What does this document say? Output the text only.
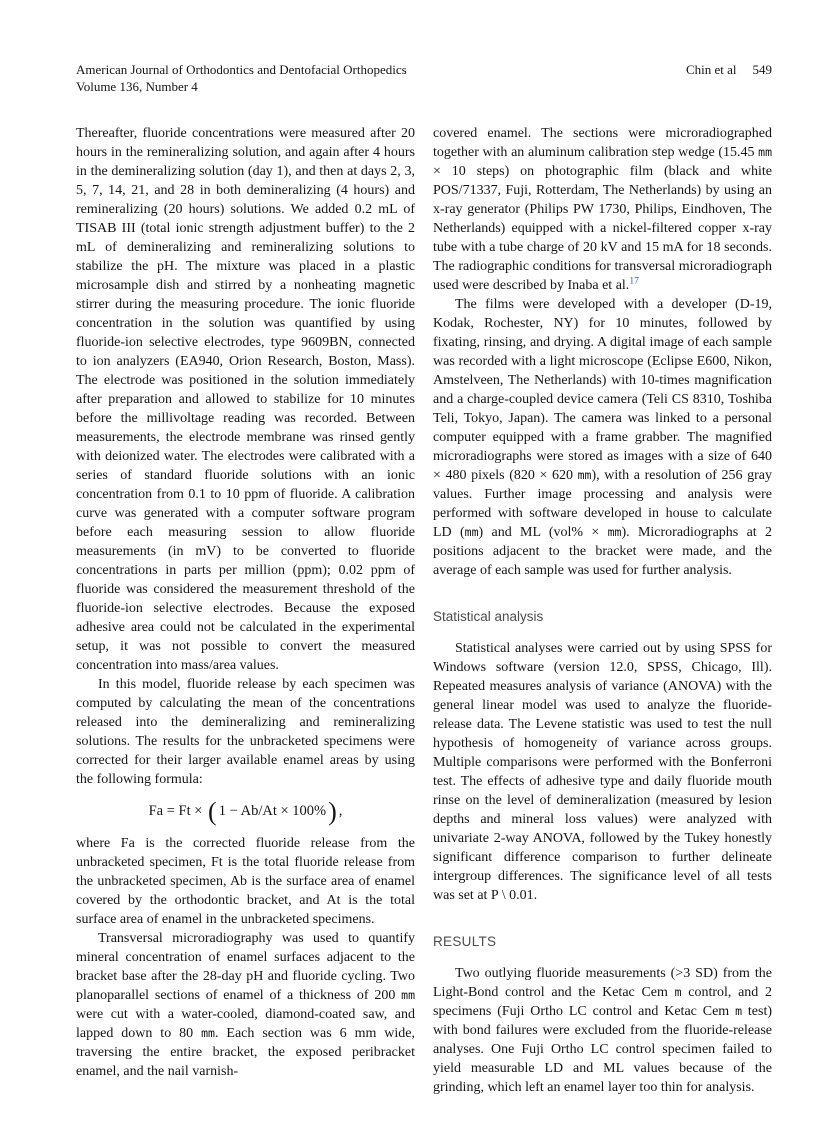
American Journal of Orthodontics and Dentofacial Orthopedics
Volume 136, Number 4
Chin et al 549

Thereafter, fluoride concentrations were measured after 20 hours in the remineralizing solution, and again after 4 hours in the demineralizing solution (day 1), and then at days 2, 3, 5, 7, 14, 21, and 28 in both demineralizing (4 hours) and remineralizing (20 hours) solutions. We added 0.2 mL of TISAB III (total ionic strength adjustment buffer) to the 2 mL of demineralizing and remineralizing solutions to stabilize the pH. The mixture was placed in a plastic microsample dish and stirred by a nonheating magnetic stirrer during the measuring procedure. The ionic fluoride concentration in the solution was quantified by using fluoride-ion selective electrodes, type 9609BN, connected to ion analyzers (EA940, Orion Research, Boston, Mass). The electrode was positioned in the solution immediately after preparation and allowed to stabilize for 10 minutes before the millivoltage reading was recorded. Between measurements, the electrode membrane was rinsed gently with deionized water. The electrodes were calibrated with a series of standard fluoride solutions with an ionic concentration from 0.1 to 10 ppm of fluoride. A calibration curve was generated with a computer software program before each measuring session to allow fluoride measurements (in mV) to be converted to fluoride concentrations in parts per million (ppm); 0.02 ppm of fluoride was considered the measurement threshold of the fluoride-ion selective electrodes. Because the exposed adhesive area could not be calculated in the experimental setup, it was not possible to convert the measured concentration into mass/area values.

In this model, fluoride release by each specimen was computed by calculating the mean of the concentrations released into the demineralizing and remineralizing solutions. The results for the unbracketed specimens were corrected for their larger available enamel areas by using the following formula:

Fa = Ft × ( 1 − Ab/At × 100%) ,

where Fa is the corrected fluoride release from the unbracketed specimen, Ft is the total fluoride release from the unbracketed specimen, Ab is the surface area of enamel covered by the orthodontic bracket, and At is the total surface area of enamel in the unbracketed specimens.

Transversal microradiography was used to quantify mineral concentration of enamel surfaces adjacent to the bracket base after the 28-day pH and fluoride cycling. Two planoparallel sections of enamel of a thickness of 200 mm were cut with a water-cooled, diamond-coated saw, and lapped down to 80 mm. Each section was 6 mm wide, traversing the entire bracket, the exposed peribracket enamel, and the nail varnish-

covered enamel. The sections were microradiographed together with an aluminum calibration step wedge (15.45 mm × 10 steps) on photographic film (black and white POS/71337, Fuji, Rotterdam, The Netherlands) by using an x-ray generator (Philips PW 1730, Philips, Eindhoven, The Netherlands) equipped with a nickel-filtered copper x-ray tube with a tube charge of 20 kV and 15 mA for 18 seconds. The radiographic conditions for transversal microradiograph used were described by Inaba et al.$^{17}$

The films were developed with a developer (D-19, Kodak, Rochester, NY) for 10 minutes, followed by fixating, rinsing, and drying. A digital image of each sample was recorded with a light microscope (Eclipse E600, Nikon, Amstelveen, The Netherlands) with 10-times magnification and a charge-coupled device camera (Teli CS 8310, Toshiba Teli, Tokyo, Japan). The camera was linked to a personal computer equipped with a frame grabber. The magnified microradiographs were stored as images with a size of 640 × 480 pixels (820 × 620 mm), with a resolution of 256 gray values. Further image processing and analysis were performed with software developed in house to calculate LD (mm) and ML (vol% × mm). Microradiographs at 2 positions adjacent to the bracket were made, and the average of each sample was used for further analysis.

Statistical analysis

Statistical analyses were carried out by using SPSS for Windows software (version 12.0, SPSS, Chicago, Ill). Repeated measures analysis of variance (ANOVA) with the general linear model was used to analyze the fluoride-release data. The Levene statistic was used to test the null hypothesis of homogeneity of variance across groups. Multiple comparisons were performed with the Bonferroni test. The effects of adhesive type and daily fluoride mouth rinse on the level of demineralization (measured by lesion depths and mineral loss values) were analyzed with univariate 2-way ANOVA, followed by the Tukey honestly significant difference comparison to further delineate intergroup differences. The significance level of all tests was set at P \ 0.01.

RESULTS

Two outlying fluoride measurements (>3 SD) from the Light-Bond control and the Ketac Cem m control, and 2 specimens (Fuji Ortho LC control and Ketac Cem m test) with bond failures were excluded from the fluoride-release analyses. One Fuji Ortho LC control specimen failed to yield measurable LD and ML values because of the grinding, which left an enamel layer too thin for analysis.
